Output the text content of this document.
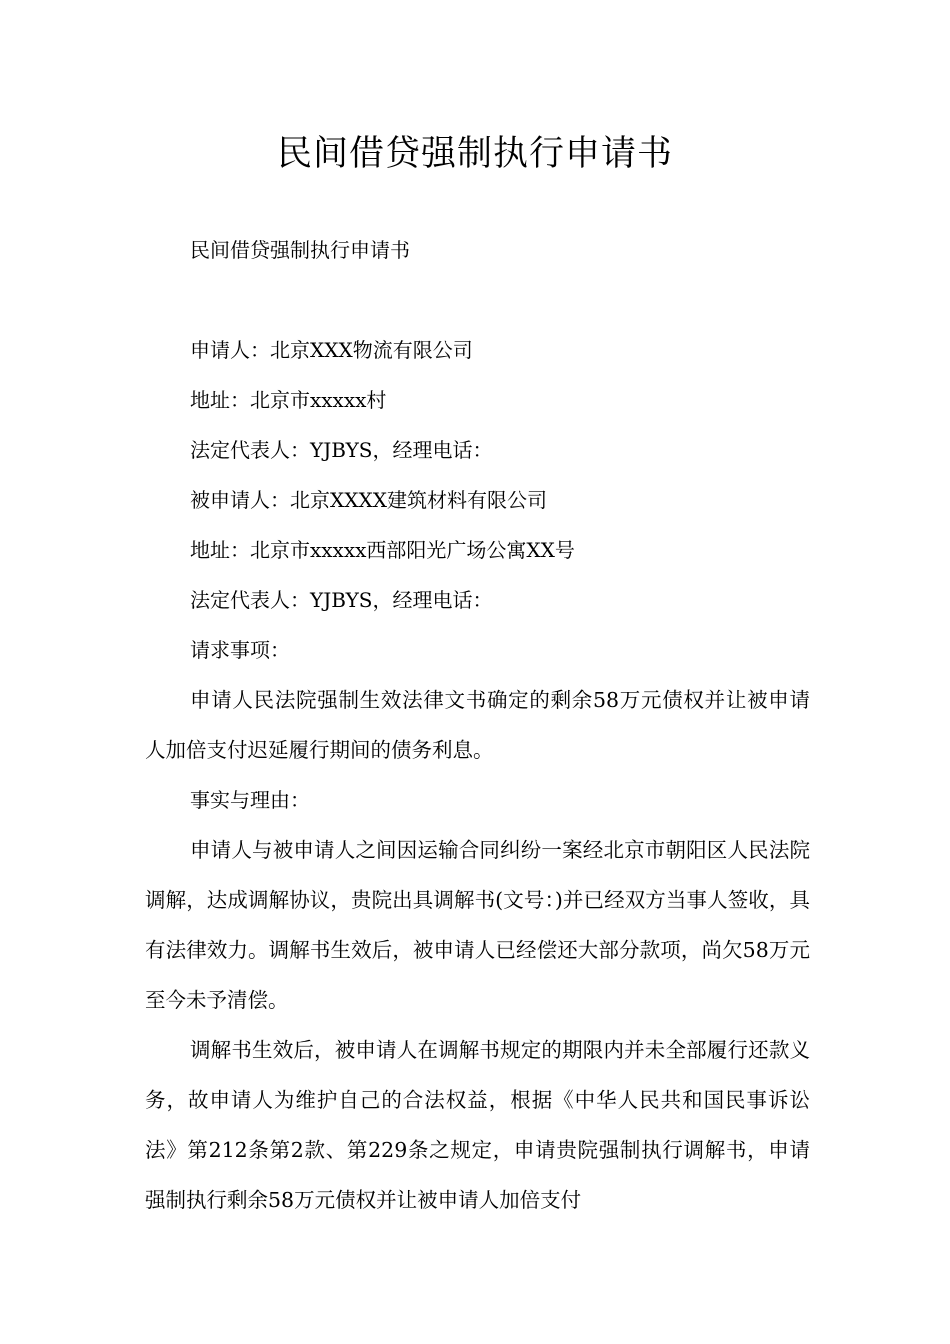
民间借贷强制执行申请书

民间借贷强制执行申请书

申请人：北京XXX物流有限公司

地址：北京市xxxxx村

法定代表人：YJBYS，经理电话：

被申请人：北京XXXX建筑材料有限公司

地址：北京市xxxxx西部阳光广场公寓XX号

法定代表人：YJBYS，经理电话：

请求事项：

申请人民法院强制生效法律文书确定的剩余58万元债权并让被申请人加倍支付迟延履行期间的债务利息。

事实与理由：

申请人与被申请人之间因运输合同纠纷一案经北京市朝阳区人民法院调解，达成调解协议，贵院出具调解书(文号：)并已经双方当事人签收，具有法律效力。调解书生效后，被申请人已经偿还大部分款项，尚欠58万元至今未予清偿。

调解书生效后，被申请人在调解书规定的期限内并未全部履行还款义务，故申请人为维护自己的合法权益，根据《中华人民共和国民事诉讼法》第212条第2款、第229条之规定，申请贵院强制执行调解书，申请强制执行剩余58万元债权并让被申请人加倍支付
